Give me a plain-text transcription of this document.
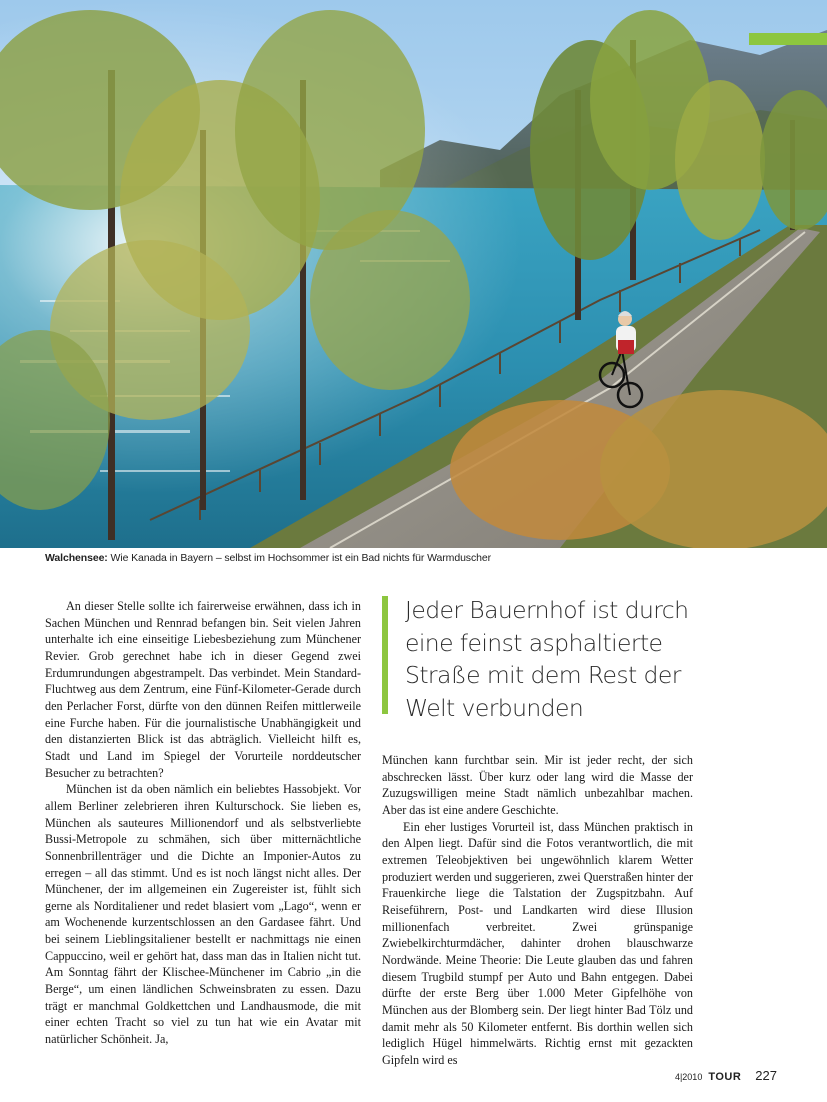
Walchensee: Wie Kanada in Bayern – selbst im Hochsommer ist ein Bad nichts für Warmduscher

An dieser Stelle sollte ich fairerweise erwähnen, dass ich in Sachen München und Rennrad befangen bin. Seit vielen Jahren unterhalte ich eine einseitige Liebesbeziehung zum Münchener Revier. Grob gerechnet habe ich in dieser Gegend zwei Erdumrundungen abgestrampelt. Das verbindet. Mein Standard-Fluchtweg aus dem Zentrum, eine Fünf-Kilometer-Gerade durch den Perlacher Forst, dürfte von den dünnen Reifen mittlerweile eine Furche haben. Für die journalistische Unabhängigkeit und den distanzierten Blick ist das abträglich. Vielleicht hilft es, Stadt und Land im Spiegel der Vorurteile norddeutscher Besucher zu betrachten?

München ist da oben nämlich ein beliebtes Hassobjekt. Vor allem Berliner zelebrieren ihren Kulturschock. Sie lieben es, München als sauteures Millionendorf und als selbstverliebte Bussi-Metropole zu schmähen, sich über mitternächtliche Sonnenbrillenträger und die Dichte an Imponier-Autos zu erregen – all das stimmt. Und es ist noch längst nicht alles. Der Münchener, der im allgemeinen ein Zugereister ist, fühlt sich gerne als Norditaliener und redet blasiert vom „Lago“, wenn er am Wochenende kurzentschlossen an den Gardasee fährt. Und bei seinem Lieblingsitaliener bestellt er nachmittags nie einen Cappuccino, weil er gehört hat, dass man das in Italien nicht tut. Am Sonntag fährt der Klischee-Münchener im Cabrio „in die Berge“, um einen ländlichen Schweinsbraten zu essen. Dazu trägt er manchmal Goldkettchen und Landhausmode, die mit einer echten Tracht so viel zu tun hat wie ein Avatar mit natürlicher Schönheit. Ja,

Jeder Bauernhof ist durch
eine feinst asphaltierte
Straße mit dem Rest der
Welt verbunden

München kann furchtbar sein. Mir ist jeder recht, der sich abschrecken lässt. Über kurz oder lang wird die Masse der Zuzugswilligen meine Stadt nämlich unbezahlbar machen. Aber das ist eine andere Geschichte.

Ein eher lustiges Vorurteil ist, dass München praktisch in den Alpen liegt. Dafür sind die Fotos verantwortlich, die mit extremen Teleobjektiven bei ungewöhnlich klarem Wetter produziert werden und suggerieren, zwei Querstraßen hinter der Frauenkirche liege die Talstation der Zugspitzbahn. Auf Reiseführern, Post- und Landkarten wird diese Illusion millionenfach verbreitet. Zwei grünspanige Zwiebelkirchturmdächer, dahinter drohen blauschwarze Nordwände. Meine Theorie: Die Leute glauben das und fahren diesem Trugbild stumpf per Auto und Bahn entgegen. Dabei dürfte der erste Berg über 1.000 Meter Gipfelhöhe von München aus der Blomberg sein. Der liegt hinter Bad Tölz und damit mehr als 50 Kilometer entfernt. Bis dorthin wellen sich lediglich Hügel himmelwärts. Richtig ernst mit gezackten Gipfeln wird es

4|2010 TOUR 227
